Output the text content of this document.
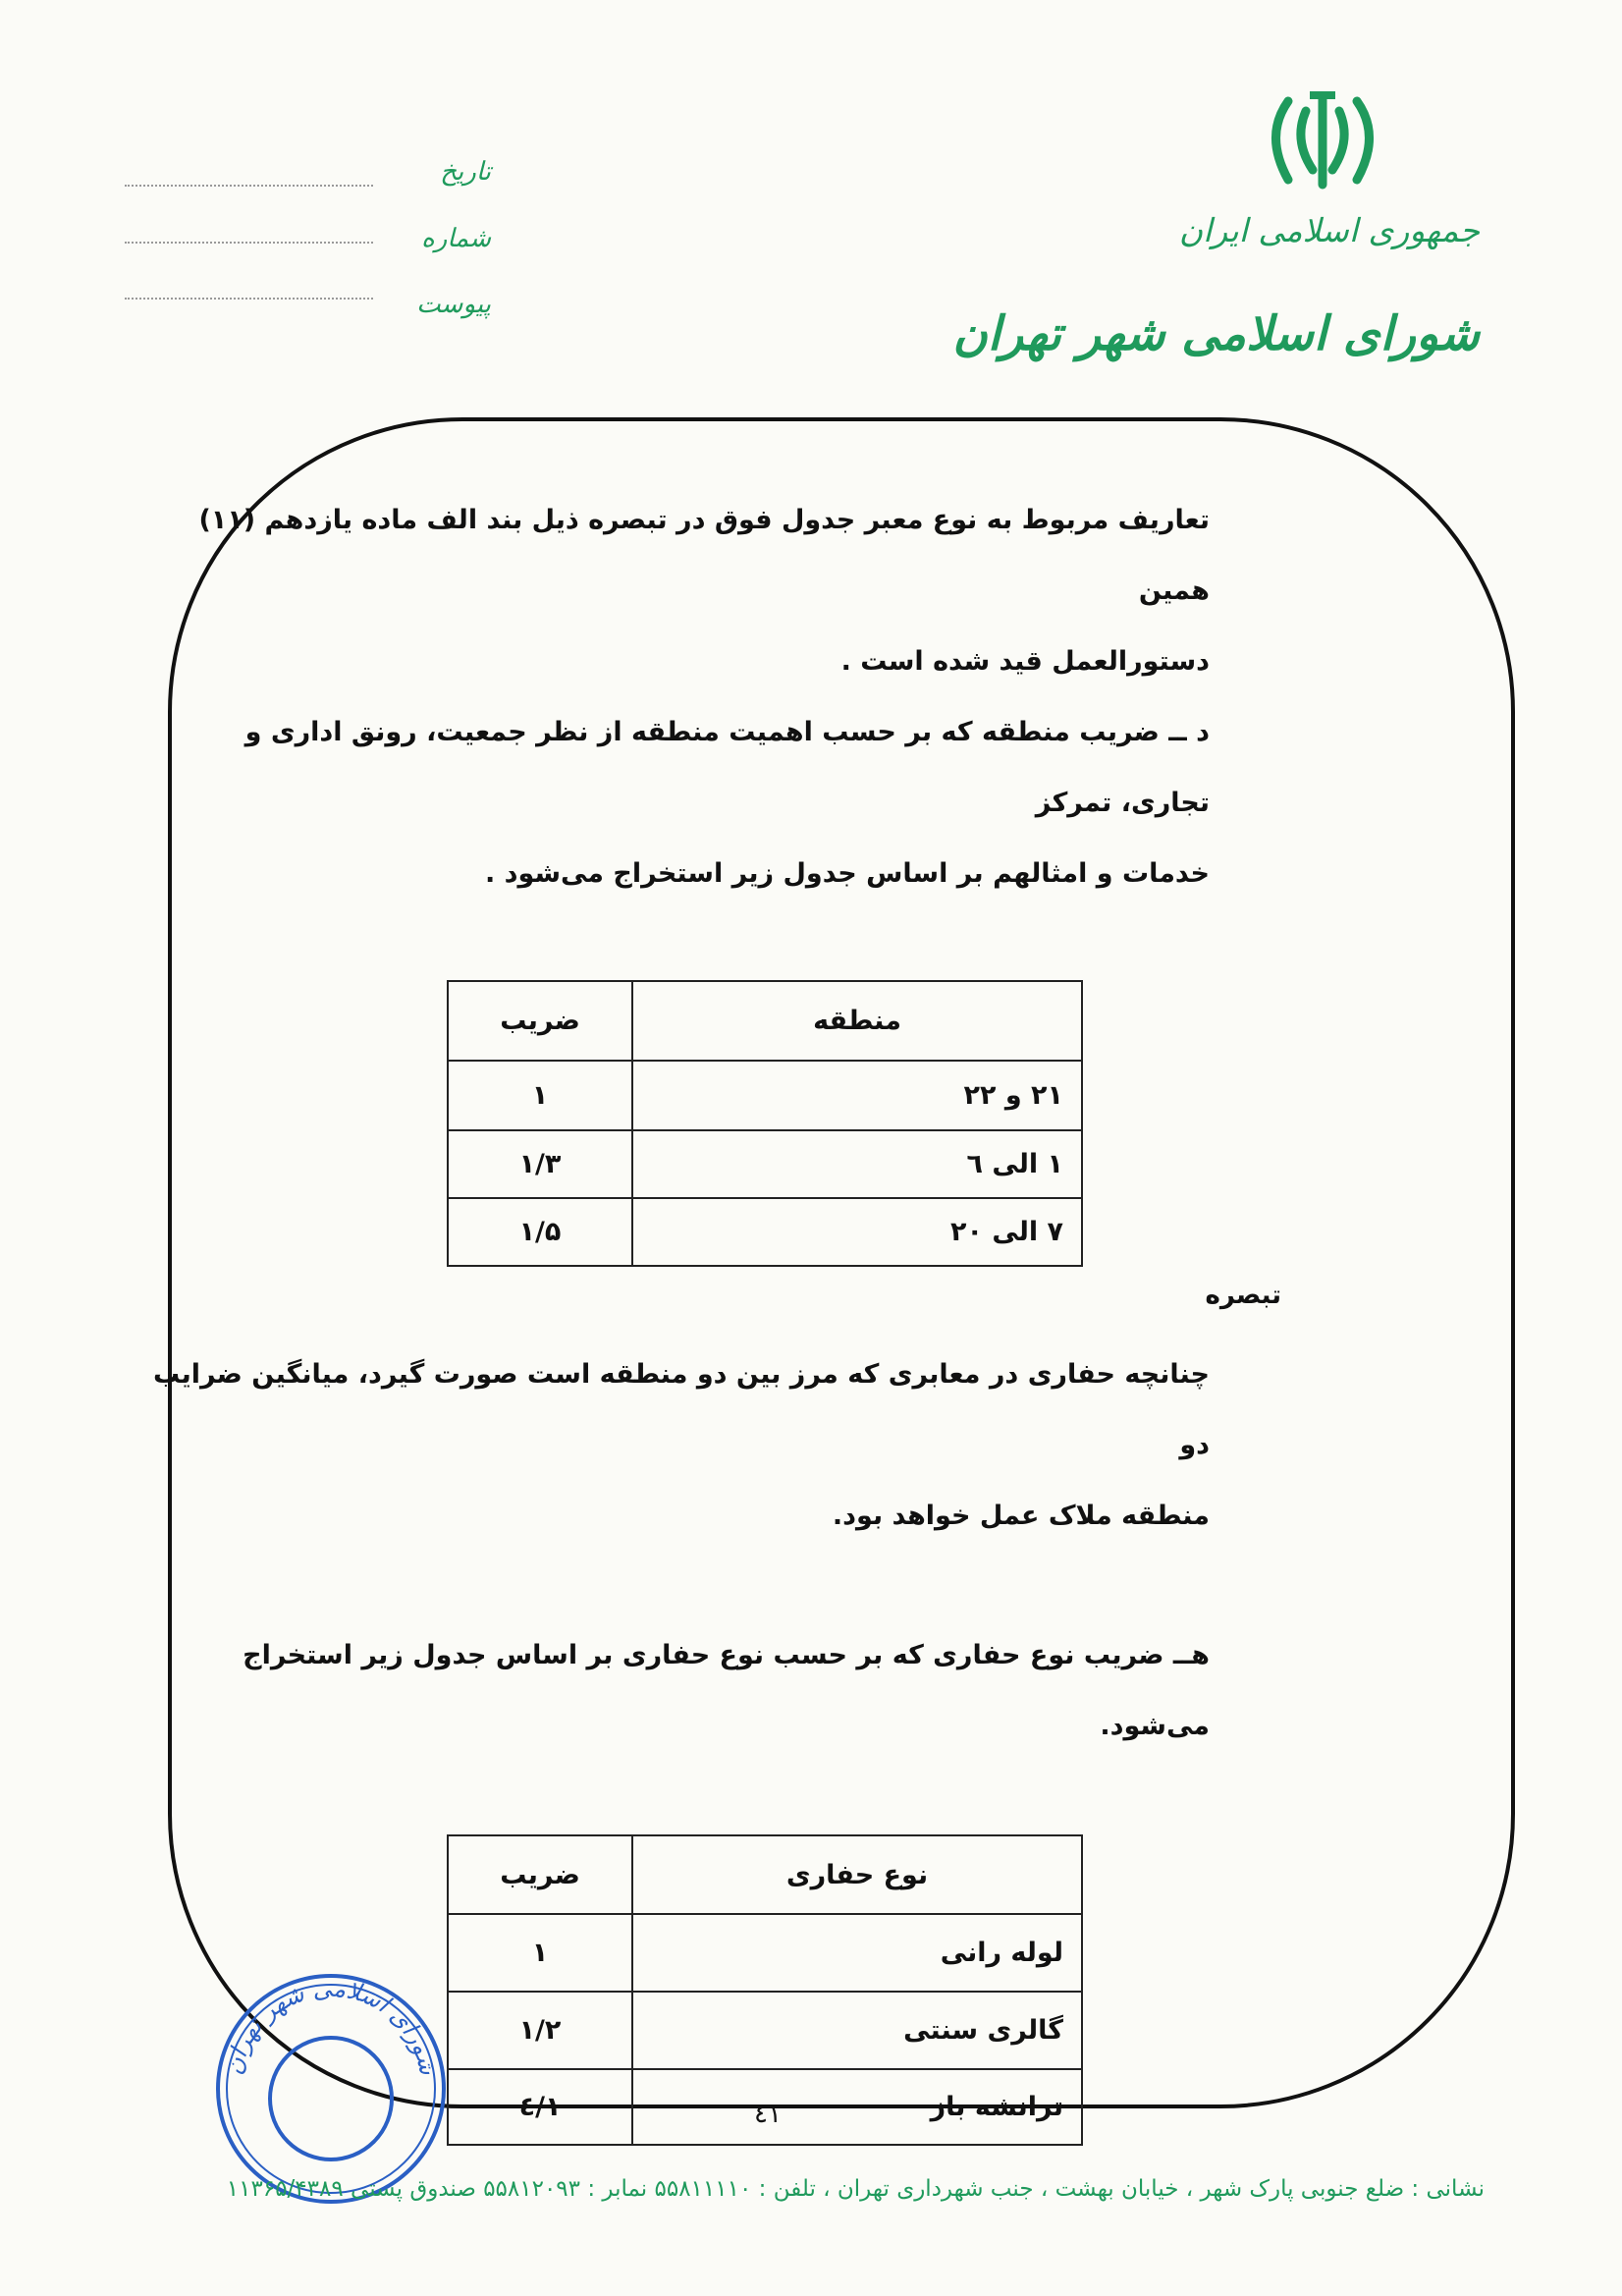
جمهوری اسلامی ایران
شورای اسلامی شهر تهران
تاریخ
شماره
پیوست
تعاریف مربوط به نوع معبر جدول فوق در تبصره ذیل بند الف ماده یازدهم (۱۱) همین
دستورالعمل قید شده است .
د ــ ضریب منطقه که بر حسب اهمیت منطقه از نظر جمعیت، رونق اداری و تجاری، تمرکز
خدمات و امثالهم بر اساس جدول زیر استخراج می‌شود .
منطقه	ضریب
۲۱ و ۲۲	۱
۱ الی ٦	۱/۳
۷ الی ۲۰	۱/۵
تبصره
چنانچه حفاری در معابری که مرز بین دو منطقه است صورت گیرد، میانگین ضرایب دو
منطقه ملاک عمل خواهد بود.
هــ ضریب نوع حفاری که بر حسب نوع حفاری بر اساس جدول زیر استخراج می‌شود.
نوع حفاری	ضریب
لوله رانی	۱
گالری سنتی	۱/۲
ترانشه باز	۱/٤
شورای اسلامی شهر تهران
٤۱
نشانی : ضلع جنوبی پارک شهر ، خیابان بهشت ، جنب شهرداری تهران ، تلفن : ۵۵۸۱۱۱۱۰ نمابر : ۵۵۸۱۲۰۹۳ صندوق پستی ۱۱۳۶۵/۴۳۸۹
